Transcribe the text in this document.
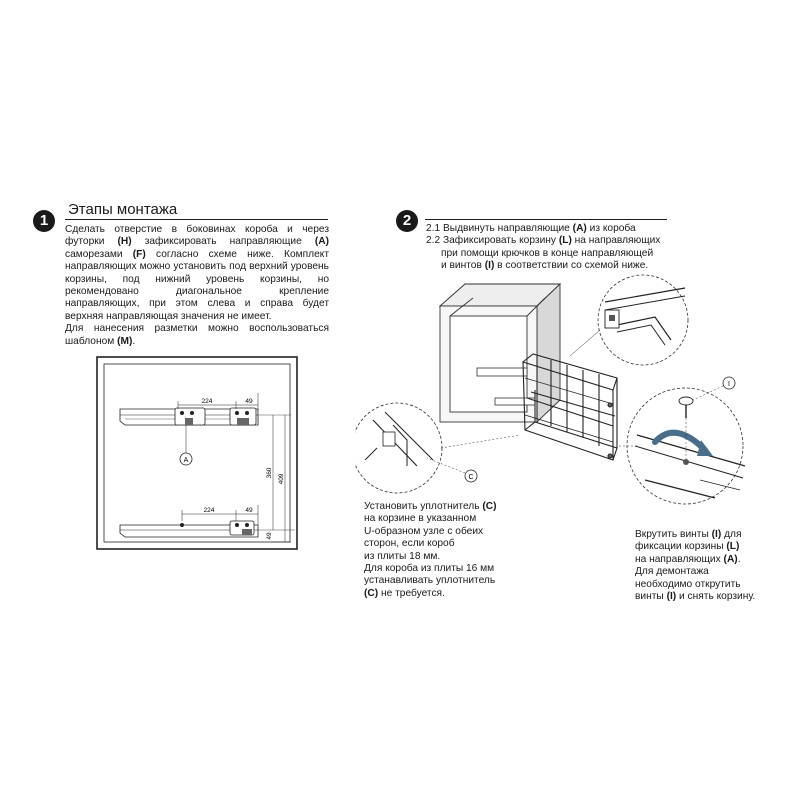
1
Этапы монтажа
Сделать отверстие в боковинах короба и через
футорки (H) зафиксировать направляющие (A)
саморезами (F) согласно схеме ниже. Комплект
направляющих можно установить под верхний уровень
корзины, под нижний уровень корзины, но
рекомендовано диагональное крепление
направляющих, при этом слева и справа будет
верхняя направляющая значения не имеет.
Для нанесения разметки можно воспользоваться
шаблоном (M).
224	49
A
224	49
360
409
49
2	2.1 Выдвинуть направляющие (A) из короба
2.2 Зафиксировать корзину (L) на направляющих
при помощи крючков в конце направляющей
и винтов (I) в соответствии со схемой ниже.
C
I
Установить уплотнитель (C)
на корзине в указанном
U-образном узле с обеих
сторон, если короб
из плиты 18 мм.
Для короба из плиты 16 мм
устанавливать уплотнитель
(C) не требуется.
Вкрутить винты (I) для
фиксации корзины (L)
на направляющих (A).
Для демонтажа
необходимо открутить
винты (I) и снять корзину.
